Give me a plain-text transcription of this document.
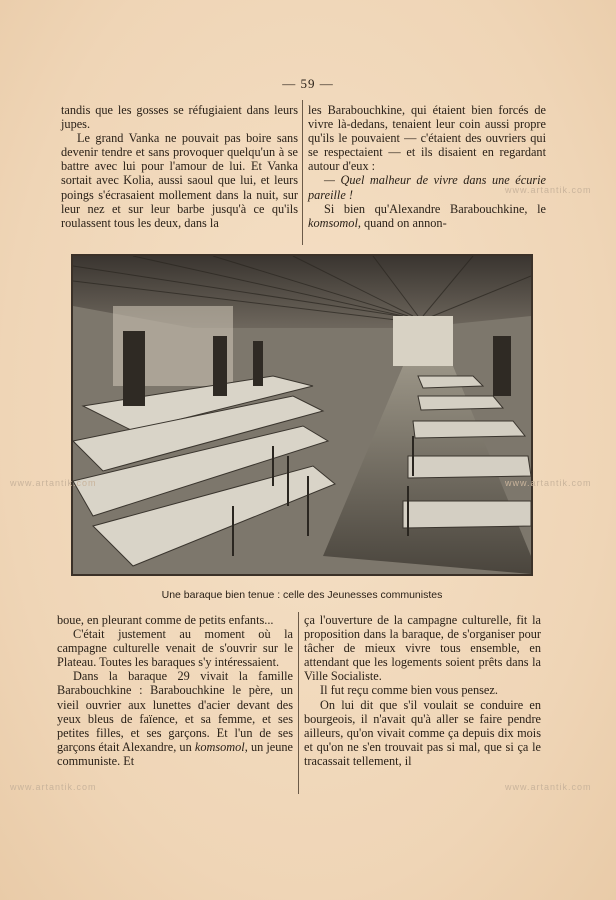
— 59 —

tandis que les gosses se réfugiaient dans leurs jupes.

Le grand Vanka ne pouvait pas boire sans devenir tendre et sans provoquer quelqu'un à se battre avec lui pour l'amour de lui. Et Vanka sortait avec Kolia, aussi saoul que lui, et leurs poings s'écrasaient mollement dans la nuit, sur leur nez et sur leur barbe jusqu'à ce qu'ils roulassent tous les deux, dans la

les Barabouchkine, qui étaient bien forcés de vivre là-dedans, tenaient leur coin aussi propre qu'ils le pouvaient — c'étaient des ouvriers qui se respectaient — et ils disaient en regardant autour d'eux :

— Quel malheur de vivre dans une écurie pareille !

Si bien qu'Alexandre Barabouchkine, le komsomol, quand on annon-

Une baraque bien tenue : celle des Jeunesses communistes

boue, en pleurant comme de petits enfants...

C'était justement au moment où la campagne culturelle venait de s'ouvrir sur le Plateau. Toutes les baraques s'y intéressaient.

Dans la baraque 29 vivait la famille Barabouchkine : Barabouchkine le père, un vieil ouvrier aux lunettes d'acier devant des yeux bleus de faïence, et sa femme, et ses petites filles, et ses garçons. Et l'un de ses garçons était Alexandre, un komsomol, un jeune communiste. Et

ça l'ouverture de la campagne culturelle, fit la proposition dans la baraque, de s'organiser pour tâcher de mieux vivre tous ensemble, en attendant que les logements soient prêts dans la Ville Socialiste.

Il fut reçu comme bien vous pensez.

On lui dit que s'il voulait se conduire en bourgeois, il n'avait qu'à aller se faire pendre ailleurs, qu'on vivait comme ça depuis dix mois et qu'on ne s'en trouvait pas si mal, que si ça le tracassait tellement, il

www.artantik.com	www.artantik.com
www.artantik.com	www.artantik.com
www.artantik.com
